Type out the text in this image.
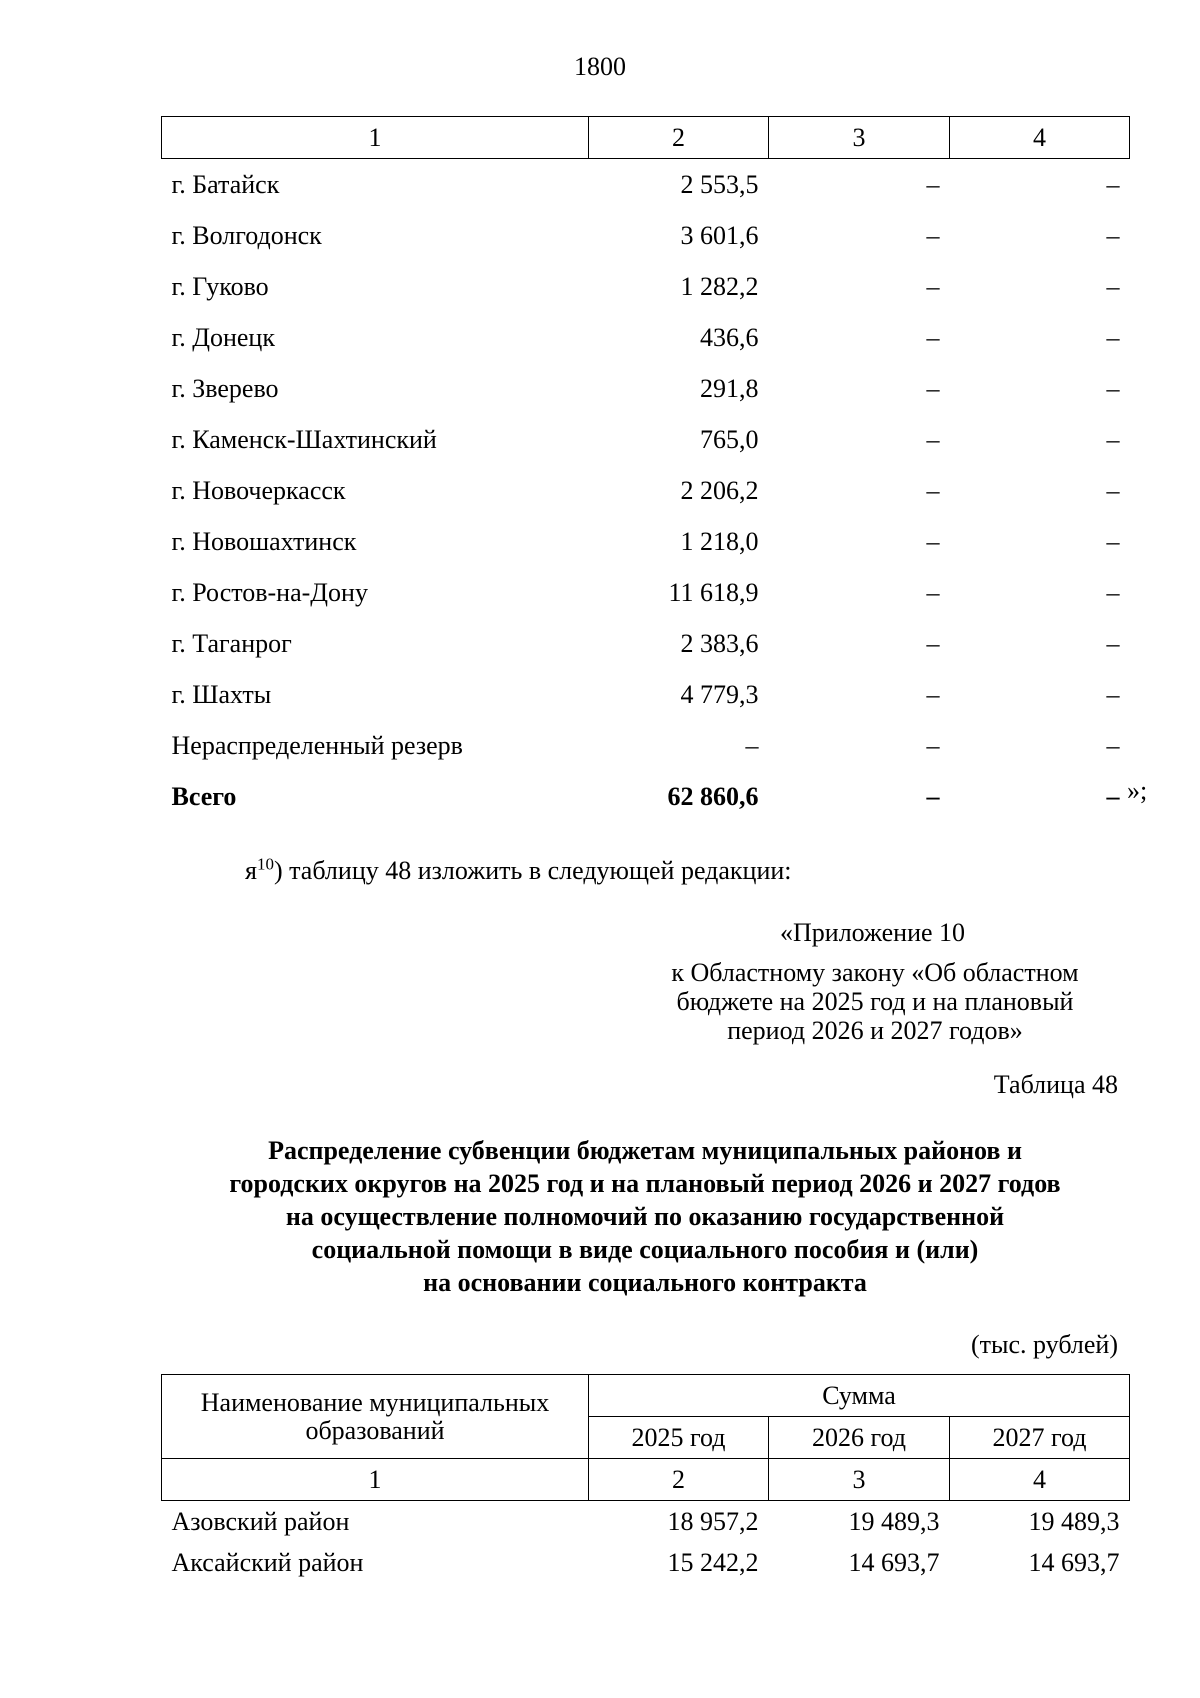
1800
1	2	3	4
г. Батайск	2 553,5	–	–
г. Волгодонск	3 601,6	–	–
г. Гуково	1 282,2	–	–
г. Донецк	436,6	–	–
г. Зверево	291,8	–	–
г. Каменск-Шахтинский	765,0	–	–
г. Новочеркасск	2 206,2	–	–
г. Новошахтинск	1 218,0	–	–
г. Ростов-на-Дону	11 618,9	–	–
г. Таганрог	2 383,6	–	–
г. Шахты	4 779,3	–	–
Нераспределенный резерв	–	–	–
Всего	62 860,6	–	– »;
$я^{10}$) таблицу 48 изложить в следующей редакции:
«Приложение 10
к Областному закону «Об областном
бюджете на 2025 год и на плановый
период 2026 и 2027 годов»
Таблица 48
Распределение субвенции бюджетам муниципальных районов и
городских округов на 2025 год и на плановый период 2026 и 2027 годов
на осуществление полномочий по оказанию государственной
социальной помощи в виде социального пособия и (или)
на основании социального контракта
(тыс. рублей)
Наименование муниципальных образований	Сумма		
	2025 год	2026 год	2027 год
1	2	3	4
Азовский район	18 957,2	19 489,3	19 489,3
Аксайский район	15 242,2	14 693,7	14 693,7
